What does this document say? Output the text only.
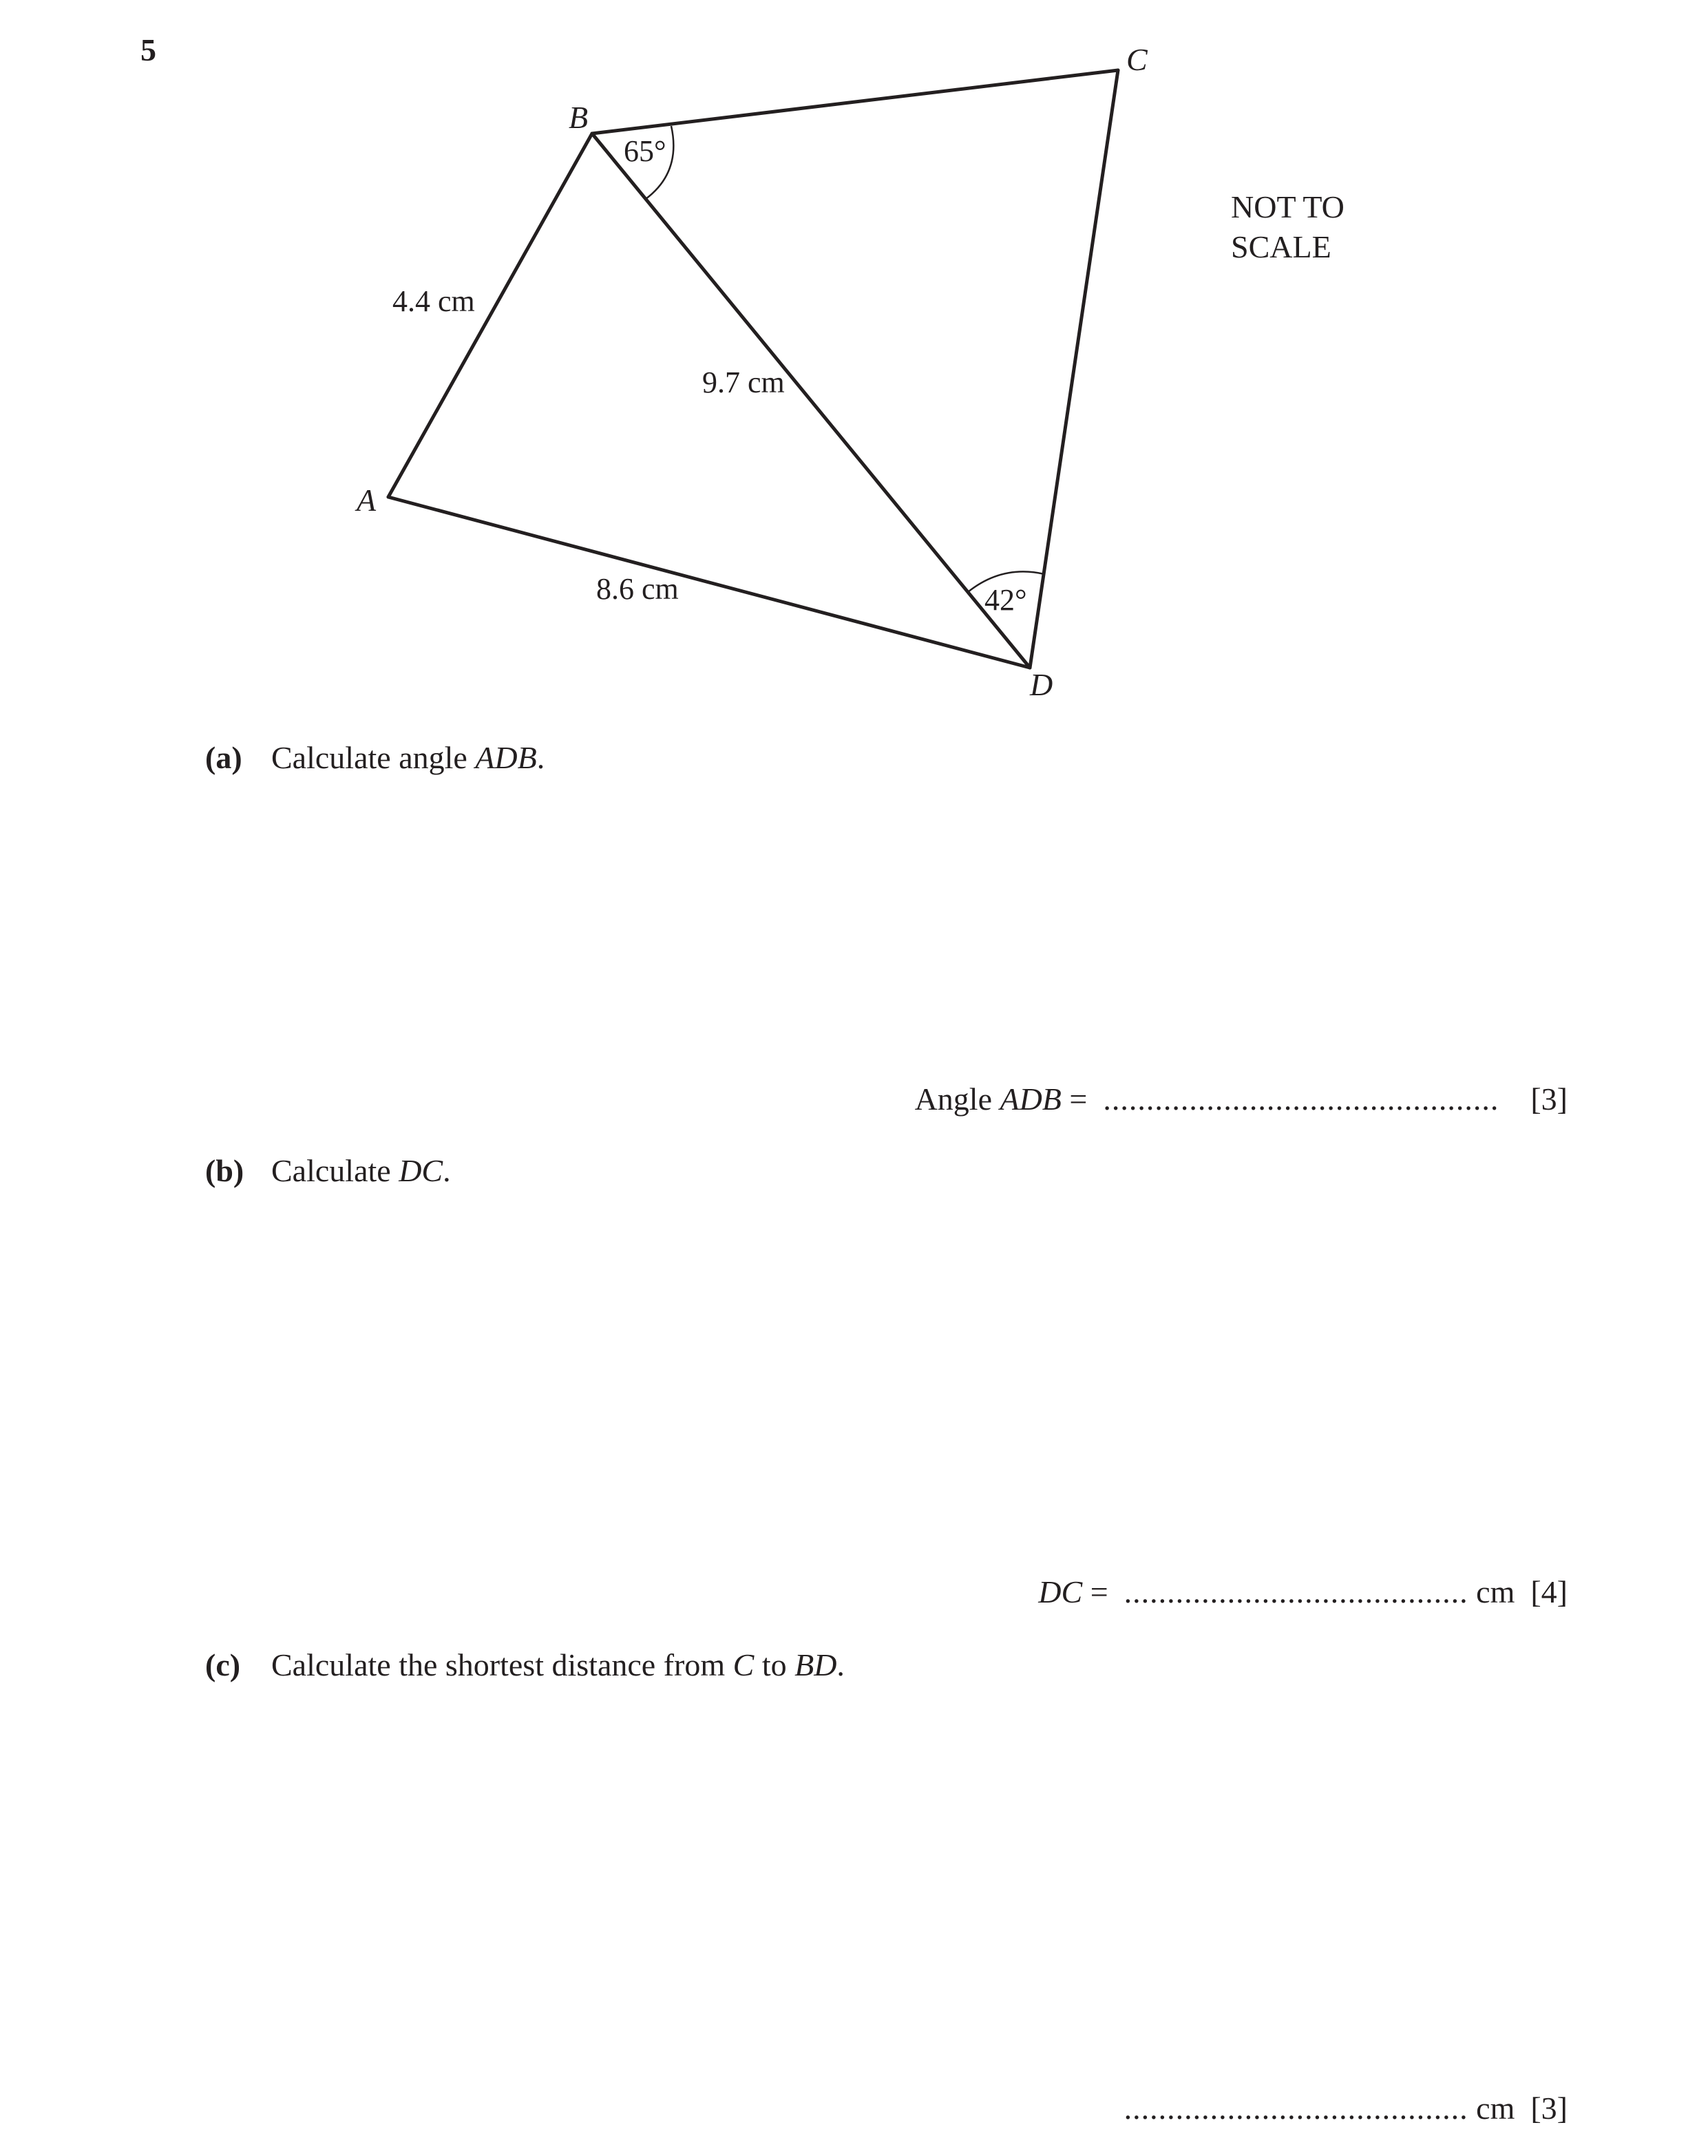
5
A
B
C
D
4.4 cm
9.7 cm
8.6 cm
65°
42°
NOT TO
SCALE
(a) Calculate angle ADB.
Angle ADB = .............................................. [3]
(b) Calculate DC.
DC = ........................................ cm [4]
(c) Calculate the shortest distance from C to BD.
........................................ cm [3]
